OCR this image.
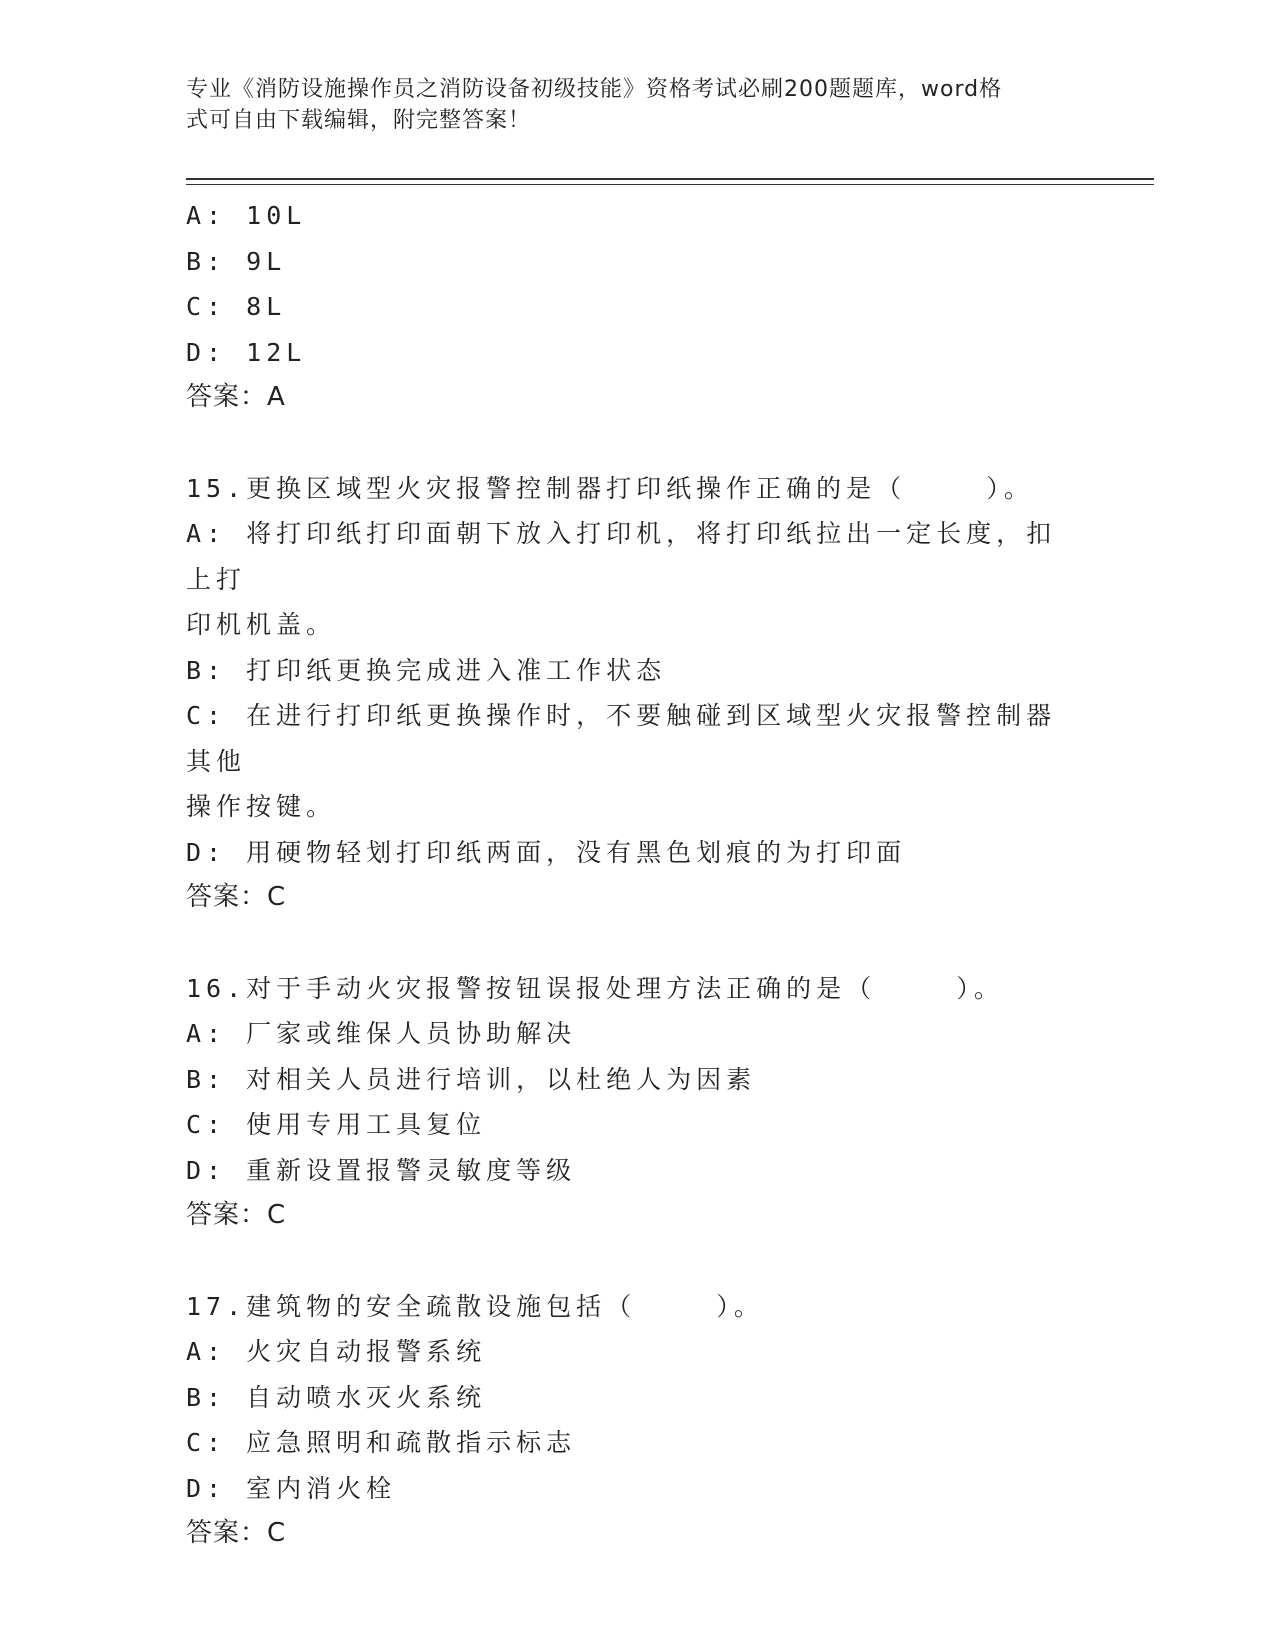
专业《消防设施操作员之消防设备初级技能》资格考试必刷200题题库，word格
式可自由下载编辑，附完整答案！
A: 10L
B: 9L
C: 8L
D: 12L
答案：A
15.更换区域型火灾报警控制器打印纸操作正确的是（    ）。
A: 将打印纸打印面朝下放入打印机，将打印纸拉出一定长度，扣上打
印机机盖。
B: 打印纸更换完成进入准工作状态
C: 在进行打印纸更换操作时，不要触碰到区域型火灾报警控制器其他
操作按键。
D: 用硬物轻划打印纸两面，没有黑色划痕的为打印面
答案：C
16.对于手动火灾报警按钮误报处理方法正确的是（    ）。
A: 厂家或维保人员协助解决
B: 对相关人员进行培训，以杜绝人为因素
C: 使用专用工具复位
D: 重新设置报警灵敏度等级
答案：C
17.建筑物的安全疏散设施包括（    ）。
A: 火灾自动报警系统
B: 自动喷水灭火系统
C: 应急照明和疏散指示标志
D: 室内消火栓
答案：C
